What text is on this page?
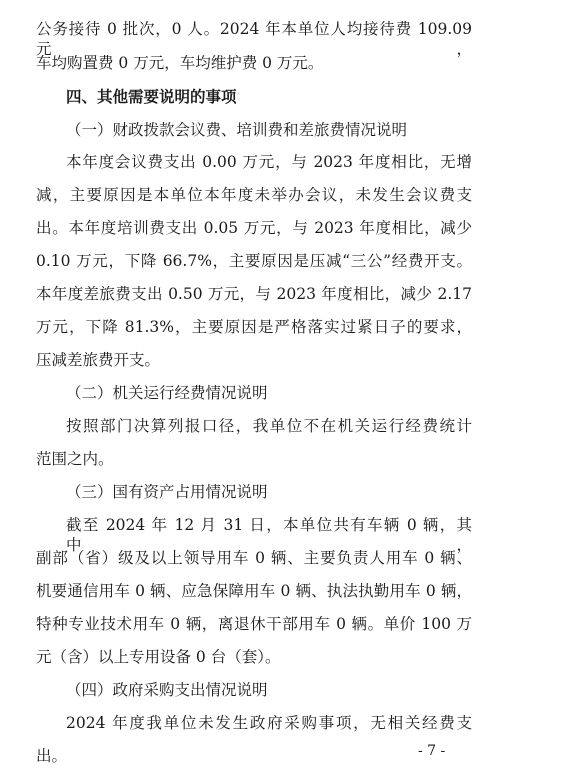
公务接待 0 批次，0 人。2024 年本单位人均接待费 109.09 元，
车均购置费 0 万元，车均维护费 0 万元。
四、其他需要说明的事项
（一）财政拨款会议费、培训费和差旅费情况说明
本年度会议费支出 0.00 万元，与 2023 年度相比，无增
减，主要原因是本单位本年度未举办会议，未发生会议费支
出。本年度培训费支出 0.05 万元，与 2023 年度相比，减少
0.10 万元，下降 66.7%，主要原因是压减“三公”经费开支。
本年度差旅费支出 0.50 万元，与 2023 年度相比，减少 2.17
万元，下降 81.3%，主要原因是严格落实过紧日子的要求，
压减差旅费开支。
（二）机关运行经费情况说明
按照部门决算列报口径，我单位不在机关运行经费统计
范围之内。
（三）国有资产占用情况说明
截至 2024 年 12 月 31 日，本单位共有车辆 0 辆，其中，
副部（省）级及以上领导用车 0 辆、主要负责人用车 0 辆、
机要通信用车 0 辆、应急保障用车 0 辆、执法执勤用车 0 辆，
特种专业技术用车 0 辆，离退休干部用车 0 辆。单价 100 万
元（含）以上专用设备 0 台（套）。
（四）政府采购支出情况说明
2024 年度我单位未发生政府采购事项，无相关经费支
出。	- 7 -
